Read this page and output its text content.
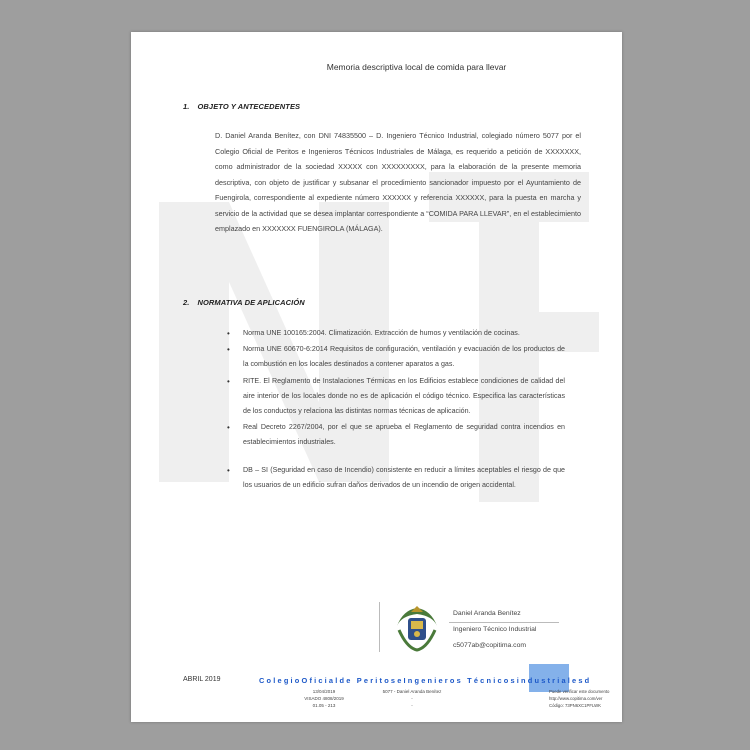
Memoria descriptiva local de comida para llevar
1. OBJETO Y ANTECEDENTES

D. Daniel Aranda Benítez, con DNI 74835500 – D. Ingeniero Técnico Industrial, colegiado número 5077 por el Colegio Oficial de Peritos e Ingenieros Técnicos Industriales de Málaga, es requerido a petición de XXXXXXX, como administrador de la sociedad XXXXX con XXXXXXXXX, para la elaboración de la presente memoria descriptiva, con objeto de justificar y subsanar el procedimiento sancionador impuesto por el Ayuntamiento de Fuengirola, correspondiente al expediente número XXXXXX y referencia XXXXXX, para la puesta en marcha y servicio de la actividad que se desea implantar correspondiente a “COMIDA PARA LLEVAR”, en el establecimiento emplazado en XXXXXXX FUENGIROLA (MÁLAGA).

2. NORMATIVA DE APLICACIÓN
• Norma UNE 100165:2004. Climatización. Extracción de humos y ventilación de cocinas.
• Norma UNE 60670-6:2014 Requisitos de configuración, ventilación y evacuación de los productos de la combustión en los locales destinados a contener aparatos a gas.
• RITE. El Reglamento de Instalaciones Térmicas en los Edificios establece condiciones de calidad del aire interior de los locales donde no es de aplicación el código técnico. Especifica las características de los conductos y relaciona las distintas normas técnicas de aplicación.
• Real Decreto 2267/2004, por el que se aprueba el Reglamento de seguridad contra incendios en establecimientos industriales.
• DB – SI (Seguridad en caso de Incendio) consistente en reducir a límites aceptables el riesgo de que los usuarios de un edificio sufran daños derivados de un incendio de origen accidental.
Daniel Aranda Benítez
Ingeniero Técnico Industrial
c5077ab@copitima.com
ABRIL 2019	ColegioOficialde PeritoseIngenieros Técnicosindustrialesd
13/04/2019
VISADO 4808/2019
01.05 - 213
5077 - Daniel Aranda Benítez
-
-
Puede verificar este documento
http://www.copitima.com/ver
Código: 73PN6XC1PFLWK
